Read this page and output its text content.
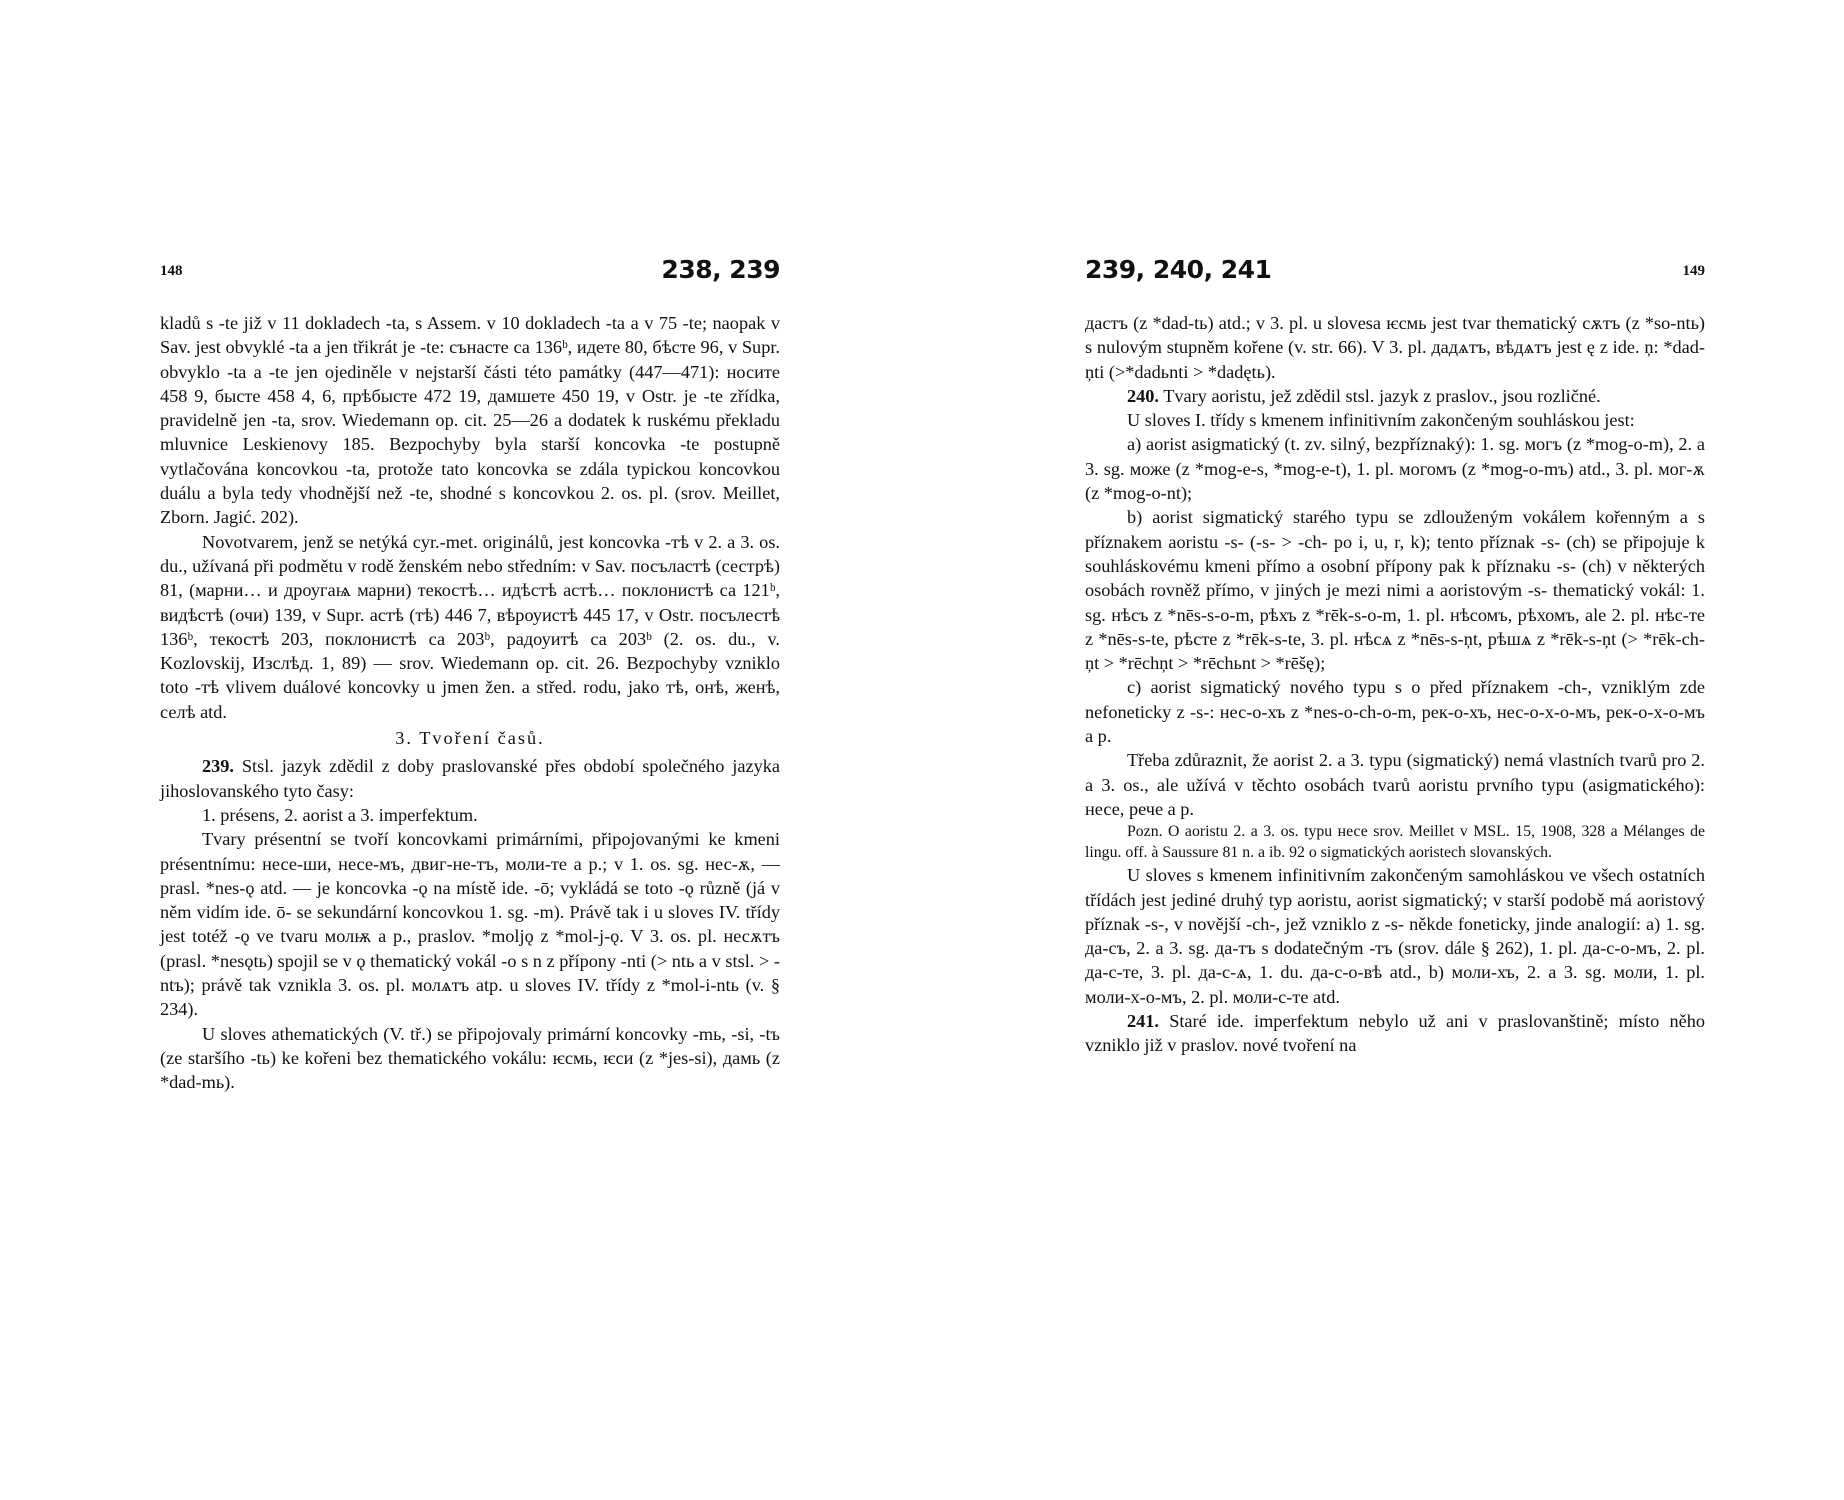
148	238, 239

kladů s -te již v 11 dokladech -ta, s Assem. v 10 dokladech -ta a v 75 -te; naopak v Sav. jest obvyklé -ta a jen třikrát je -te: сънасте са 136ᵇ, идете 80, бѣсте 96, v Supr. obvyklo -ta a -te jen ojediněle v nejstarší části této památky (447—471): носите 458 9, бысте 458 4, 6, прѣбысте 472 19, дамшете 450 19, v Ostr. je -te zřídka, pravidelně jen -ta, srov. Wiedemann op. cit. 25—26 a dodatek k ruskému překladu mluvnice Leskienovy 185. Bezpochyby byla starší koncovka -te postupně vytlačována koncovkou -ta, protože tato koncovka se zdála typickou koncovkou duálu a byla tedy vhodnější než -te, shodné s koncovkou 2. os. pl. (srov. Meillet, Zborn. Jagić. 202).

Novotvarem, jenž se netýká cyr.-met. originálů, jest koncovka -тѣ v 2. a 3. os. du., užívaná při podmětu v rodě ženském nebo středním: v Sav. посъластѣ (сестрѣ) 81, (марни… и дроугаѩ марни) текостѣ… идѣстѣ астѣ… поклонистѣ са 121ᵇ, видѣстѣ (очи) 139, v Supr. астѣ (тѣ) 446 7, вѣроуистѣ 445 17, v Ostr. посълестѣ 136ᵇ, текостѣ 203, поклонистѣ са 203ᵇ, радоуитѣ са 203ᵇ (2. os. du., v. Kozlovskij, Изслѣд. 1, 89) — srov. Wiedemann op. cit. 26. Bezpochyby vzniklo toto -тѣ vlivem duálové koncovky u jmen žen. a střed. rodu, jako тѣ, онѣ, женѣ, селѣ atd.

3. Tvoření časů.

239. Stsl. jazyk zdědil z doby praslovanské přes období společného jazyka jihoslovanského tyto časy:

1. présens, 2. aorist a 3. imperfektum.

Tvary présentní se tvoří koncovkami primárními, připojovanými ke kmeni présentnímu: несе-ши, несе-мъ, двиг-не-тъ, моли-те a p.; v 1. os. sg. нес-ѫ, — prasl. *nes-ǫ atd. — je koncovka -ǫ na místě ide. -ō; vykládá se toto -ǫ různě (já v něm vidím ide. ō- se sekundární koncovkou 1. sg. -m). Právě tak i u sloves IV. třídy jest totéž -ǫ ve tvaru молѭ a p., praslov. *moljǫ z *mol-j-ǫ. V 3. os. pl. несѫтъ (prasl. *nesǫtь) spojil se v ǫ thematický vokál -o s n z přípony -nti (> ntь a v stsl. > -ntъ); právě tak vznikla 3. os. pl. молѧтъ atp. u sloves IV. třídy z *mol-i-ntь (v. § 234).

U sloves athematických (V. tř.) se připojovaly primární koncovky -mь, -si, -tъ (ze staršího -tь) ke kořeni bez thematického vokálu: ѥсмь, ѥси (z *jes-si), дамь (z *dad-mь).

239, 240, 241	149

дастъ (z *dad-tь) atd.; v 3. pl. u slovesa ѥсмь jest tvar thematický сѫтъ (z *so-ntь) s nulovým stupněm kořene (v. str. 66). V 3. pl. дадѧтъ, вѣдѧтъ jest ę z ide. ņ: *dad-ņti (>*dadьnti > *dadętь).

240. Tvary aoristu, jež zdědil stsl. jazyk z praslov., jsou rozličné.

U sloves I. třídy s kmenem infinitivním zakončeným souhláskou jest:

a) aorist asigmatický (t. zv. silný, bezpříznaký): 1. sg. могъ (z *mog-o-m), 2. a 3. sg. може (z *mog-e-s, *mog-e-t), 1. pl. могомъ (z *mog-o-mъ) atd., 3. pl. мог-ѫ (z *mog-o-nt);

b) aorist sigmatický starého typu se zdlouženým vokálem kořenným a s příznakem aoristu -s- (-s- > -ch- po i, u, r, k); tento příznak -s- (ch) se připojuje k souhláskovému kmeni přímo a osobní přípony pak k příznaku -s- (ch) v některých osobách rovněž přímo, v jiných je mezi nimi a aoristovým -s- thematický vokál: 1. sg. нѣсъ z *nēs-s-o-m, рѣхъ z *rēk-s-o-m, 1. pl. нѣсомъ, рѣхомъ, ale 2. pl. нѣс-те z *nēs-s-te, рѣсте z *rēk-s-te, 3. pl. нѣсѧ z *nēs-s-ņt, рѣшѧ z *rēk-s-ņt (> *rēk-ch-ņt > *rēchņt > *rēchьnt > *rēšę);

c) aorist sigmatický nového typu s o před příznakem -ch-, vzniklým zde nefoneticky z -s-: нес-о-хъ z *nes-o-ch-o-m, рек-о-хъ, нес-о-х-о-мъ, рек-о-х-о-мъ a p.

Třeba zdůraznit, že aorist 2. a 3. typu (sigmatický) nemá vlastních tvarů pro 2. a 3. os., ale užívá v těchto osobách tvarů aoristu prvního typu (asigmatického): несе, рече a p.

Pozn. O aoristu 2. a 3. os. typu несе srov. Meillet v MSL. 15, 1908, 328 a Mélanges de lingu. off. à Saussure 81 n. a ib. 92 o sigmatických aoristech slovanských.

U sloves s kmenem infinitivním zakončeným samohláskou ve všech ostatních třídách jest jediné druhý typ aoristu, aorist sigmatický; v starší podobě má aoristový příznak -s-, v novější -ch-, jež vzniklo z -s- někde foneticky, jinde analogií: a) 1. sg. да-съ, 2. a 3. sg. да-тъ s dodatečným -тъ (srov. dále § 262), 1. pl. да-с-о-мъ, 2. pl. да-с-те, 3. pl. да-с-ѧ, 1. du. да-с-о-вѣ atd., b) моли-хъ, 2. a 3. sg. моли, 1. pl. моли-х-о-мъ, 2. pl. моли-с-те atd.

241. Staré ide. imperfektum nebylo už ani v praslovanštině; místo něho vzniklo již v praslov. nové tvoření na
